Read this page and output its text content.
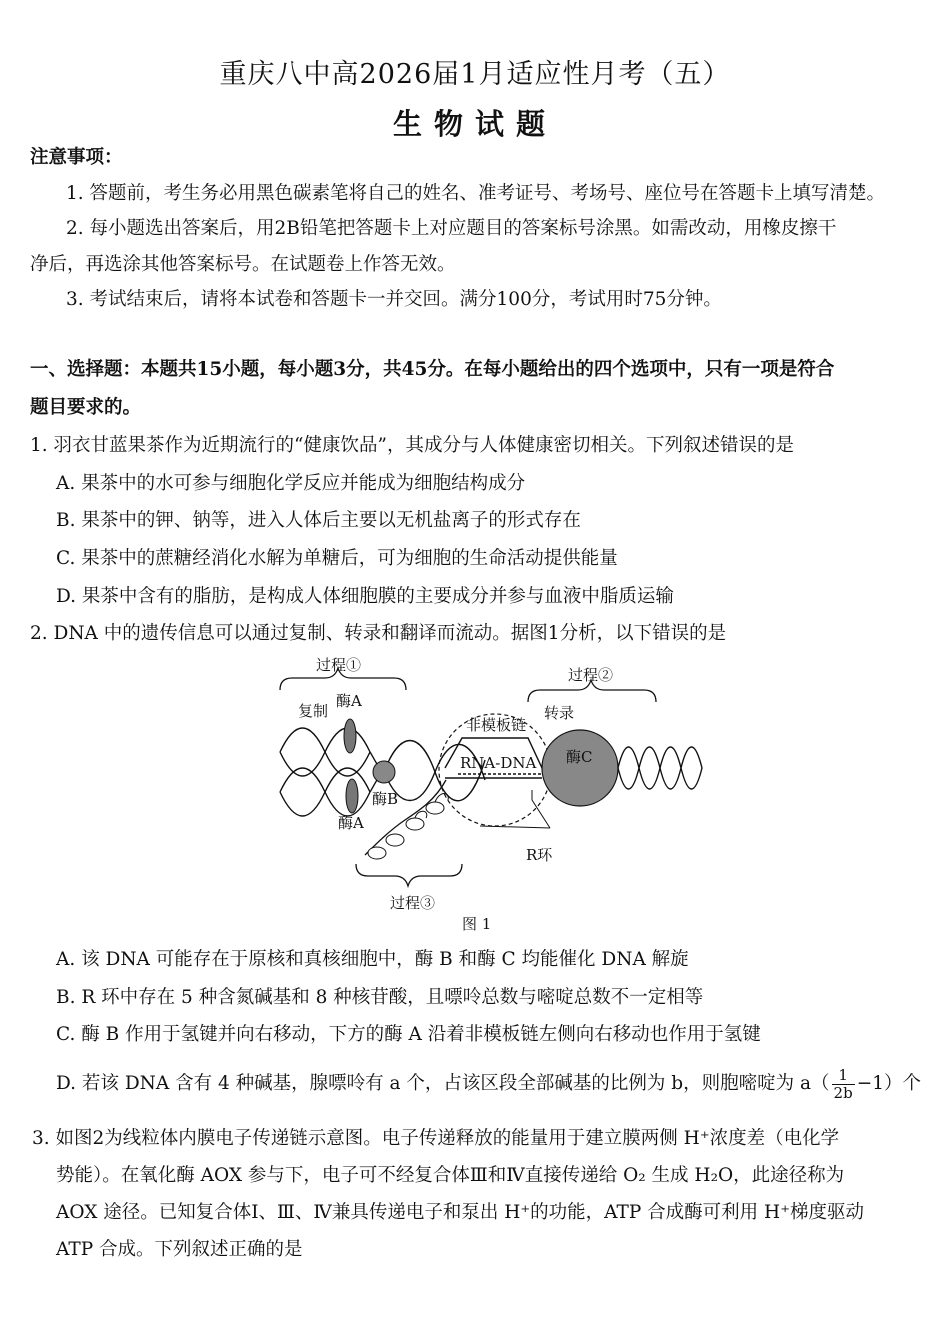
重庆八中高2026届1月适应性月考（五）
生物试题
注意事项：
1. 答题前，考生务必用黑色碳素笔将自己的姓名、准考证号、考场号、座位号在答题卡上填写清楚。
2. 每小题选出答案后，用2B铅笔把答题卡上对应题目的答案标号涂黑。如需改动，用橡皮擦干
净后，再选涂其他答案标号。在试题卷上作答无效。
3. 考试结束后，请将本试卷和答题卡一并交回。满分100分，考试用时75分钟。
一、选择题：本题共15小题，每小题3分，共45分。在每小题给出的四个选项中，只有一项是符合
题目要求的。
1. 羽衣甘蓝果茶作为近期流行的“健康饮品”，其成分与人体健康密切相关。下列叙述错误的是
A. 果茶中的水可参与细胞化学反应并能成为细胞结构成分
B. 果茶中的钾、钠等，进入人体后主要以无机盐离子的形式存在
C. 果茶中的蔗糖经消化水解为单糖后，可为细胞的生命活动提供能量
D. 果茶中含有的脂肪，是构成人体细胞膜的主要成分并参与血液中脂质运输
2. DNA 中的遗传信息可以通过复制、转录和翻译而流动。据图1分析，以下错误的是
过程①
过程②
过程③
复制
酶A
酶A
酶B
酶C
非模板链
RNA-DNA
转录
R环
图 1
A. 该 DNA 可能存在于原核和真核细胞中，酶 B 和酶 C 均能催化 DNA 解旋
B. R 环中存在 5 种含氮碱基和 8 种核苷酸，且嘌呤总数与嘧啶总数不一定相等
C. 酶 B 作用于氢键并向右移动，下方的酶 A 沿着非模板链左侧向右移动也作用于氢键
D. 若该 DNA 含有 4 种碱基，腺嘌呤有 a 个，占该区段全部碱基的比例为 b，则胞嘧啶为 $a( \frac{1}{2b} -1)$个
3. 如图2为线粒体内膜电子传递链示意图。电子传递释放的能量用于建立膜两侧 H⁺浓度差（电化学
势能）。在氧化酶 AOX 参与下，电子可不经复合体Ⅲ和Ⅳ直接传递给 O₂ 生成 H₂O，此途径称为
AOX 途径。已知复合体Ⅰ、Ⅲ、Ⅳ兼具传递电子和泵出 H⁺的功能，ATP 合成酶可利用 H⁺梯度驱动
ATP 合成。下列叙述正确的是
